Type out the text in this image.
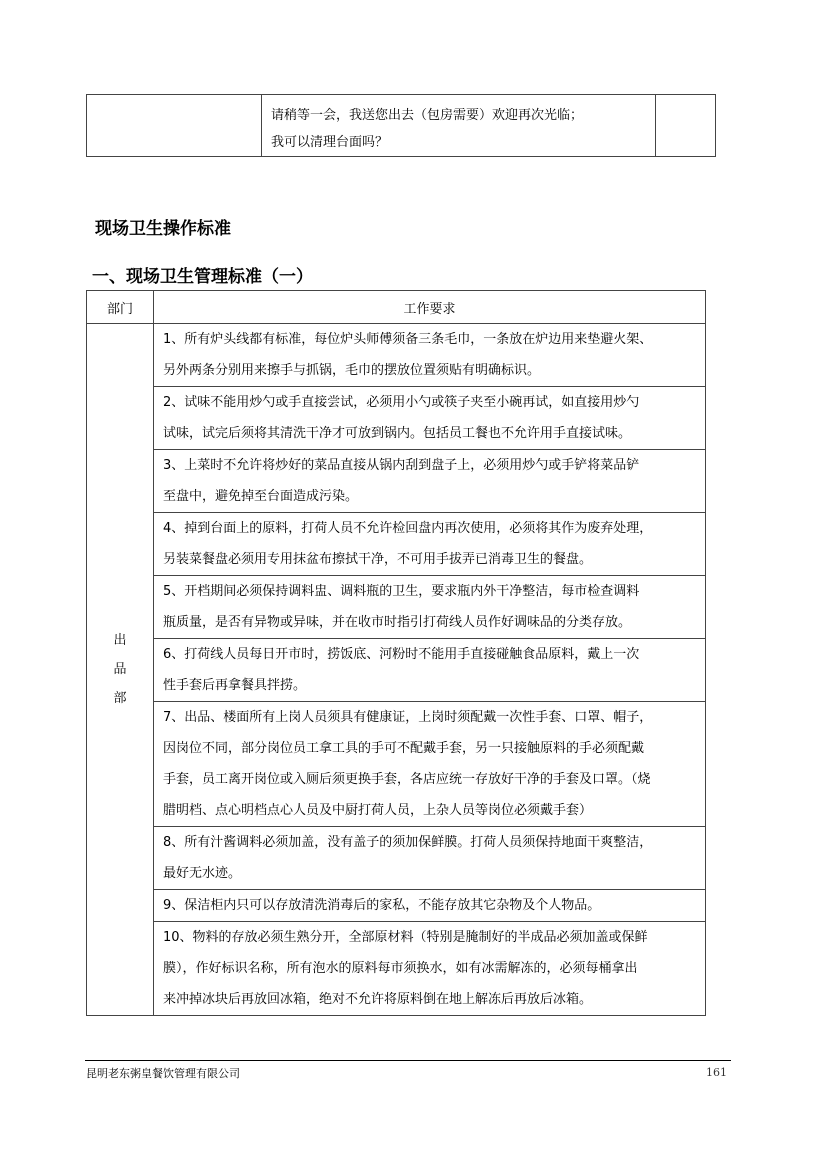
请稍等一会，我送您出去（包房需要）欢迎再次光临；
我可以清理台面吗？

现场卫生操作标准
一、现场卫生管理标准（一）
部门	工作要求

出
品
部	1、所有炉头线都有标准，每位炉头师傅须备三条毛巾，一条放在炉边用来垫避火架、
另外两条分别用来擦手与抓锅，毛巾的摆放位置须贴有明确标识。

	2、试味不能用炒勺或手直接尝试，必须用小勺或筷子夹至小碗再试，如直接用炒勺
试味，试完后须将其清洗干净才可放到锅内。包括员工餐也不允许用手直接试味。

	3、上菜时不允许将炒好的菜品直接从锅内刮到盘子上，必须用炒勺或手铲将菜品铲
至盘中，避免掉至台面造成污染。

	4、掉到台面上的原料，打荷人员不允许检回盘内再次使用，必须将其作为废弃处理，
另装菜餐盘必须用专用抹盆布擦拭干净，不可用手拔弄已消毒卫生的餐盘。

	5、开档期间必须保持调料盅、调料瓶的卫生，要求瓶内外干净整洁，每市检查调料
瓶质量，是否有异物或异味，并在收市时指引打荷线人员作好调味品的分类存放。

	6、打荷线人员每日开市时，捞饭底、河粉时不能用手直接碰触食品原料，戴上一次
性手套后再拿餐具拌捞。

	7、出品、楼面所有上岗人员须具有健康证，上岗时须配戴一次性手套、口罩、帽子，
因岗位不同，部分岗位员工拿工具的手可不配戴手套，另一只接触原料的手必须配戴
手套，员工离开岗位或入厕后须更换手套，各店应统一存放好干净的手套及口罩。（烧
腊明档、点心明档点心人员及中厨打荷人员，上杂人员等岗位必须戴手套）

	8、所有汁酱调料必须加盖，没有盖子的须加保鲜膜。打荷人员须保持地面干爽整洁，
最好无水迹。

	9、保洁柜内只可以存放清洗消毒后的家私，不能存放其它杂物及个人物品。

	10、物料的存放必须生熟分开，全部原材料（特别是腌制好的半成品必须加盖或保鲜
膜），作好标识名称，所有泡水的原料每市须换水，如有冰需解冻的，必须每桶拿出
来冲掉冰块后再放回冰箱，绝对不允许将原料倒在地上解冻后再放后冰箱。
昆明老东粥皇餐饮管理有限公司	161
